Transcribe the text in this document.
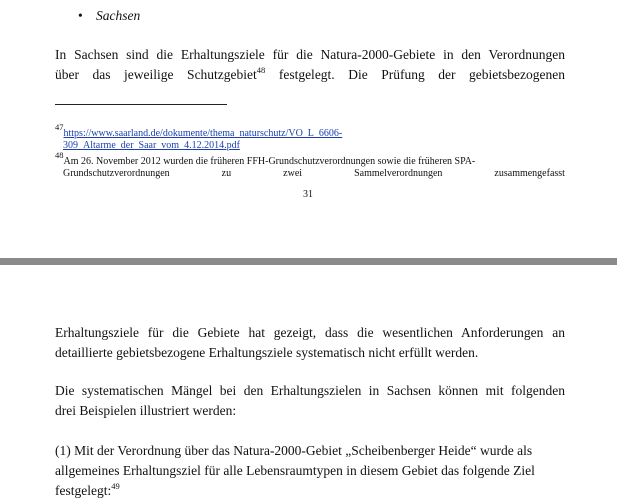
• Sachsen
In Sachsen sind die Erhaltungsziele für die Natura-2000-Gebiete in den Verordnungen
über das jeweilige Schutzgebiet$^{48}$ festgelegt. Die Prüfung der gebietsbezogenen
$^{47}$https://www.saarland.de/dokumente/thema_naturschutz/VO_L_6606-
309_Altarme_der_Saar_vom_4.12.2014.pdf
$^{48}$Am 26. November 2012 wurden die früheren FFH-Grundschutzverordnungen sowie die früheren SPA-
Grundschutzverordnungen	zu	zwei	Sammelverordnungen	zusammengefasst
31
Erhaltungsziele für die Gebiete hat gezeigt, dass die wesentlichen Anforderungen an
detaillierte gebietsbezogene Erhaltungsziele systematisch nicht erfüllt werden.
Die systematischen Mängel bei den Erhaltungszielen in Sachsen können mit folgenden
drei Beispielen illustriert werden:
(1) Mit der Verordnung über das Natura-2000-Gebiet „Scheibenberger Heide“ wurde als
allgemeines Erhaltungsziel für alle Lebensraumtypen in diesem Gebiet das folgende Ziel
festgelegt:$^{49}$
